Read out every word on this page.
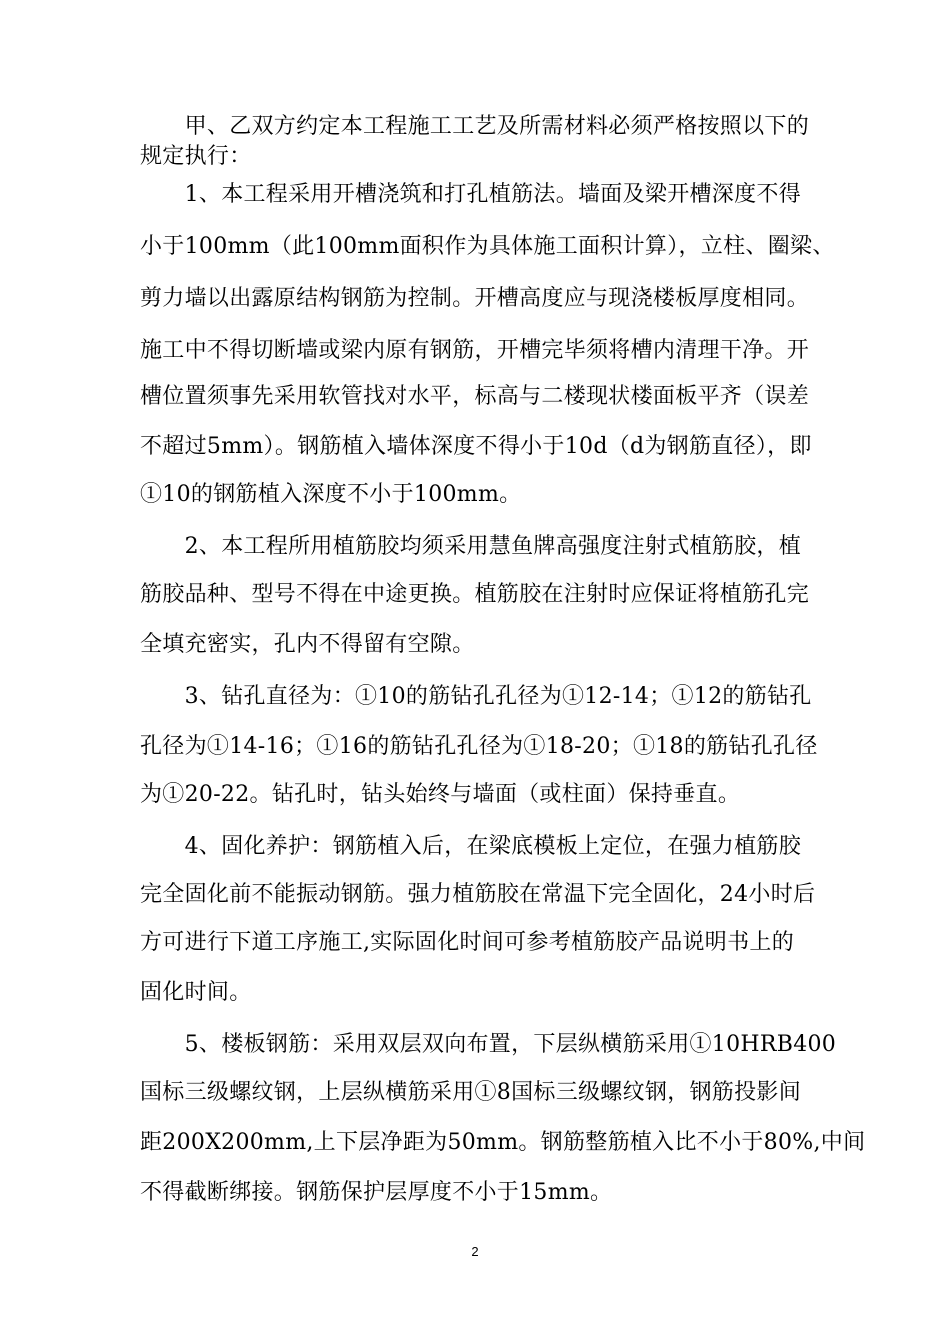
　　甲、乙双方约定本工程施工工艺及所需材料必须严格按照以下的
规定执行：
　　1、本工程采用开槽浇筑和打孔植筋法。墙面及梁开槽深度不得
小于100mm（此100mm面积作为具体施工面积计算），立柱、圈梁、
剪力墙以出露原结构钢筋为控制。开槽高度应与现浇楼板厚度相同。
施工中不得切断墙或梁内原有钢筋，开槽完毕须将槽内清理干净。开
槽位置须事先采用软管找对水平，标高与二楼现状楼面板平齐（误差
不超过5mm）。钢筋植入墙体深度不得小于10d（d为钢筋直径），即
①10的钢筋植入深度不小于100mm。
　　2、本工程所用植筋胶均须采用慧鱼牌高强度注射式植筋胶，植
筋胶品种、型号不得在中途更换。植筋胶在注射时应保证将植筋孔完
全填充密实，孔内不得留有空隙。
　　3、钻孔直径为：①10的筋钻孔孔径为①12-14；①12的筋钻孔
孔径为①14-16；①16的筋钻孔孔径为①18-20；①18的筋钻孔孔径
为①20-22。钻孔时，钻头始终与墙面（或柱面）保持垂直。
　　4、固化养护：钢筋植入后，在梁底模板上定位，在强力植筋胶
完全固化前不能振动钢筋。强力植筋胶在常温下完全固化，24小时后
方可进行下道工序施工,实际固化时间可参考植筋胶产品说明书上的
固化时间。
　　5、楼板钢筋：采用双层双向布置，下层纵横筋采用①10HRB400
国标三级螺纹钢，上层纵横筋采用①8国标三级螺纹钢，钢筋投影间
距200X200mm,上下层净距为50mm。钢筋整筋植入比不小于80%,中间
不得截断绑接。钢筋保护层厚度不小于15mm。
2
